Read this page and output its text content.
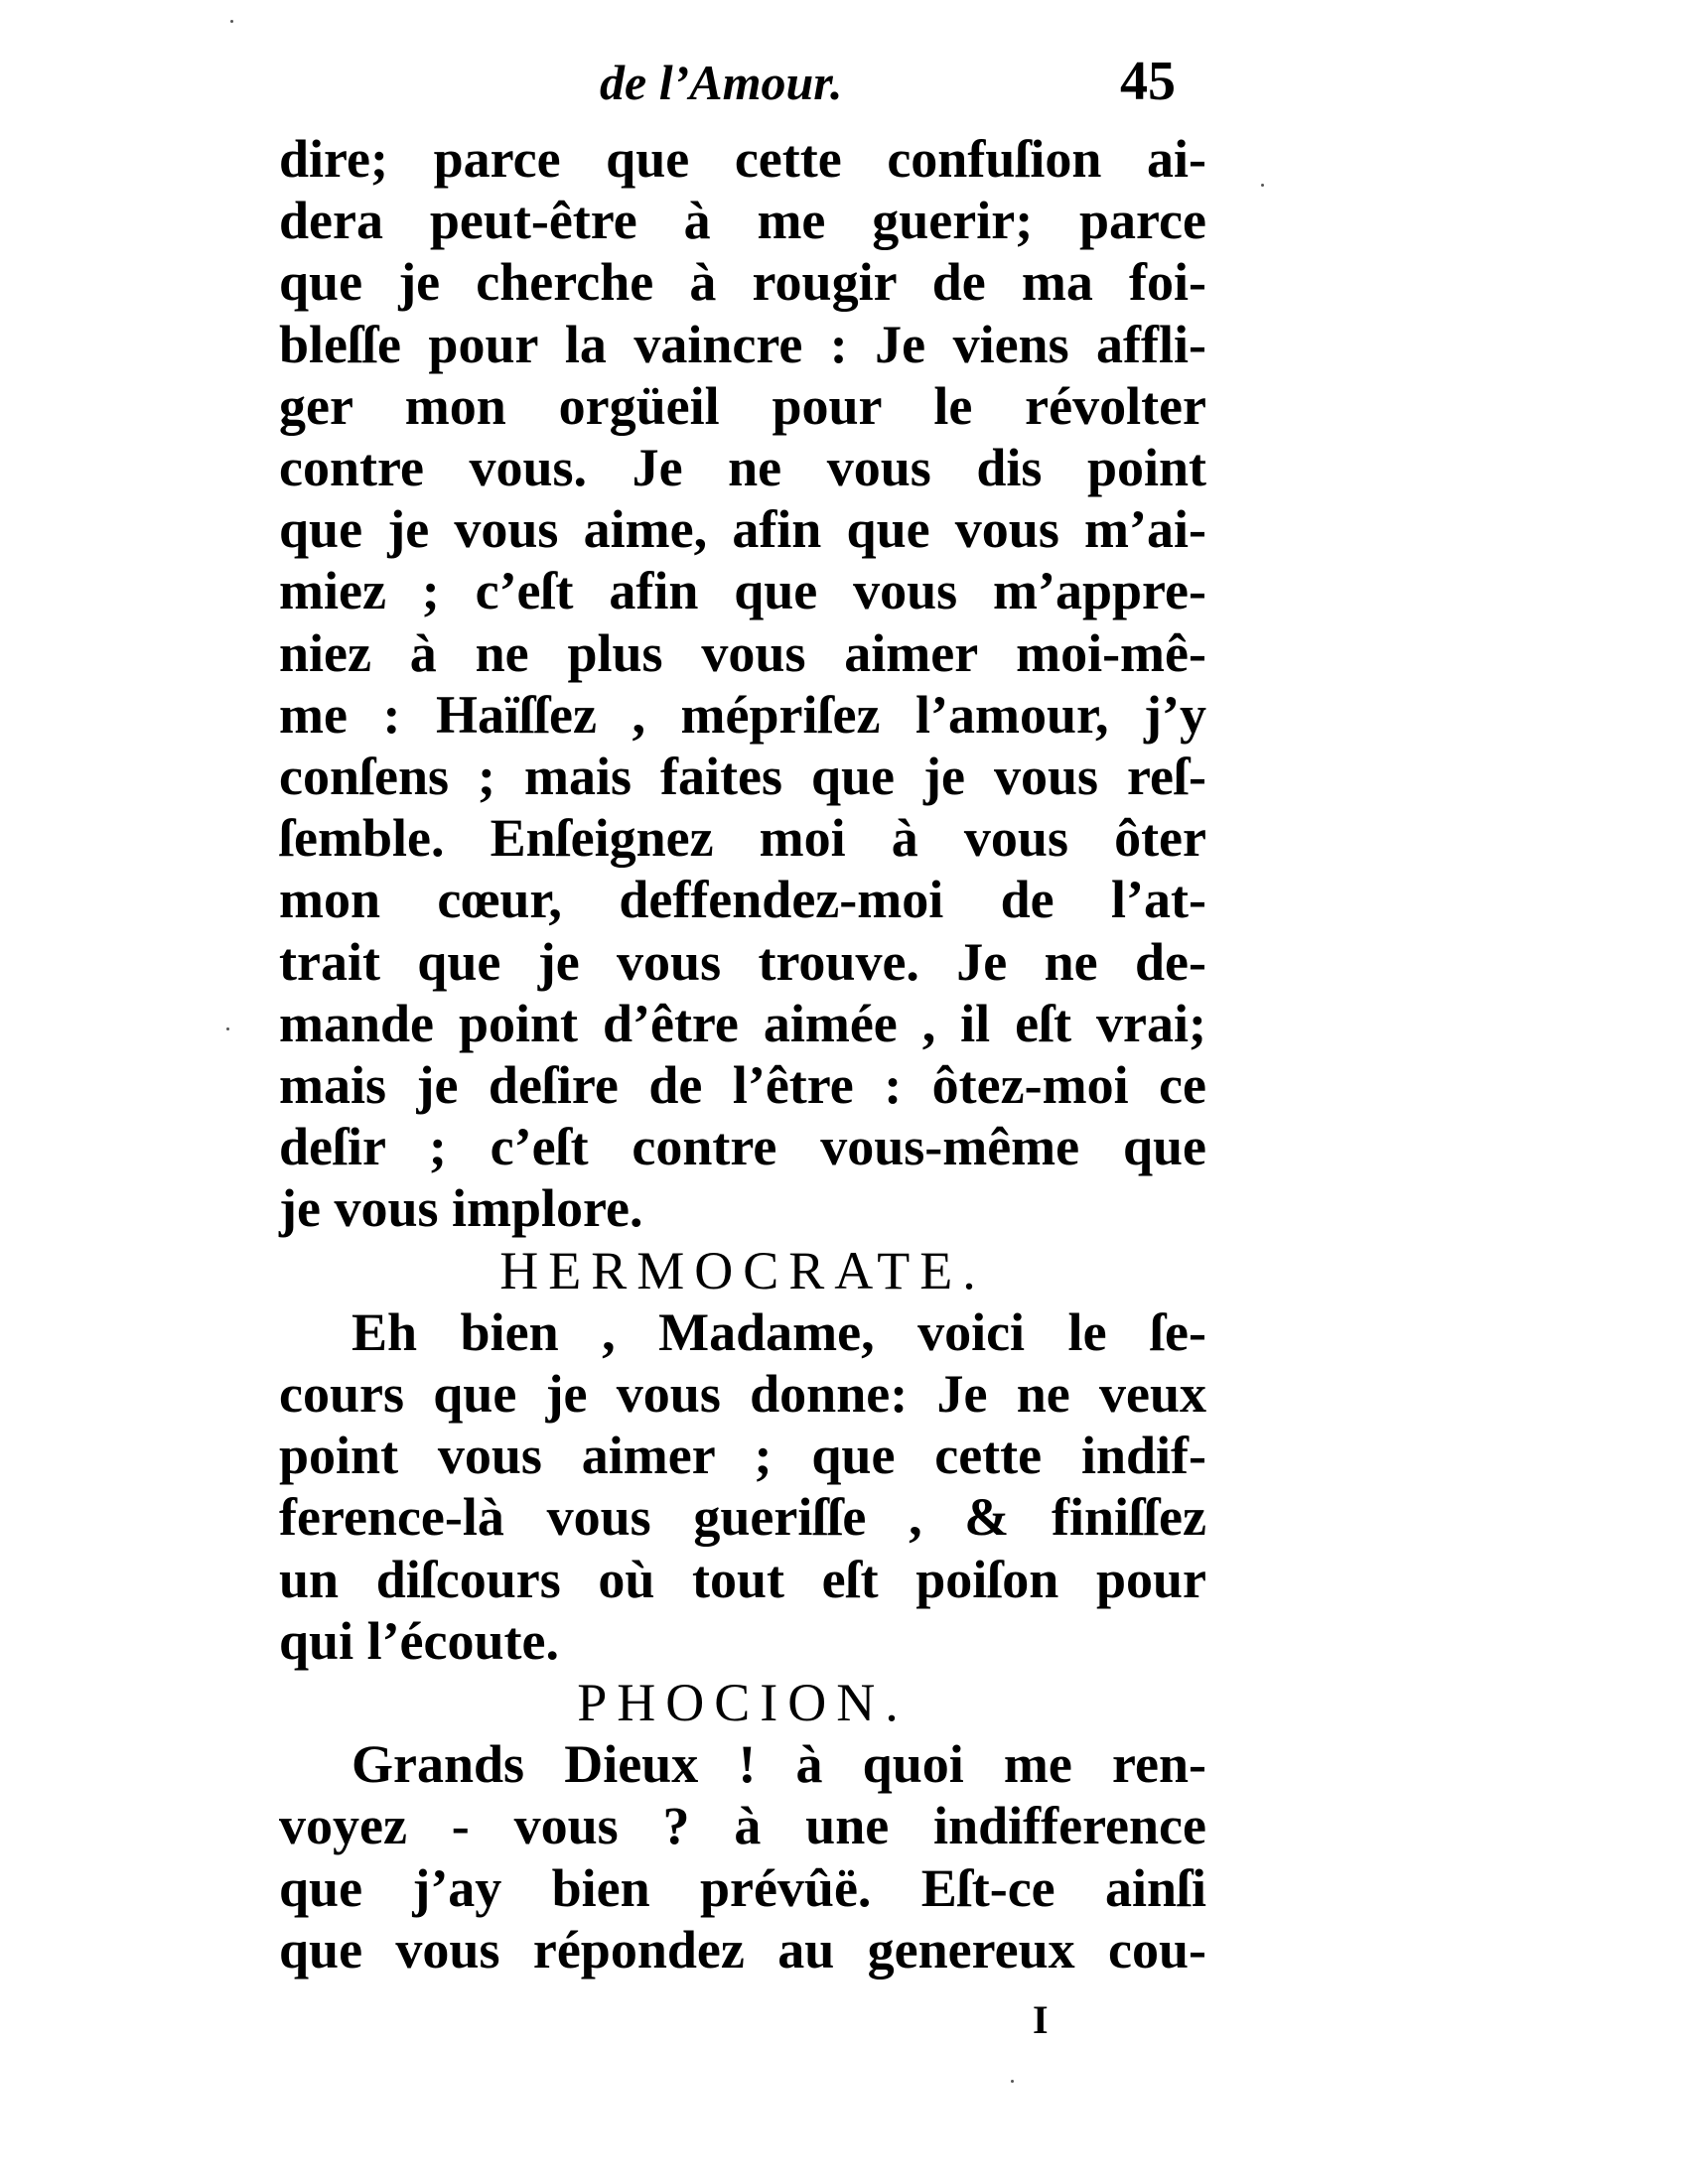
de l’Amour.	45
dire; parce que cette confuſion ai-
dera peut-être à me guerir; parce
que je cherche à rougir de ma foi-
bleſſe pour la vaincre : Je viens affli-
ger mon orgüeil pour le révolter
contre vous. Je ne vous dis point
que je vous aime, afin que vous m’ai-
miez ; c’eſt afin que vous m’appre-
niez à ne plus vous aimer moi-mê-
me : Haïſſez , mépriſez l’amour, j’y
conſens ; mais faites que je vous reſ-
ſemble. Enſeignez moi à vous ôter
mon cœur, deffendez-moi de l’at-
trait que je vous trouve. Je ne de-
mande point d’être aimée , il eſt vrai;
mais je deſire de l’être : ôtez-moi ce
deſir ; c’eſt contre vous-même que
je vous implore.
HERMOCRATE.
Eh bien , Madame, voici le ſe-
cours que je vous donne: Je ne veux
point vous aimer ; que cette indif-
ference-là vous gueriſſe , & finiſſez
un diſcours où tout eſt poiſon pour
qui l’écoute.
PHOCION.
Grands Dieux ! à quoi me ren-
voyez - vous ? à une indifference
que j’ay bien prévûë. Eſt-ce ainſi
que vous répondez au genereux cou-
I
